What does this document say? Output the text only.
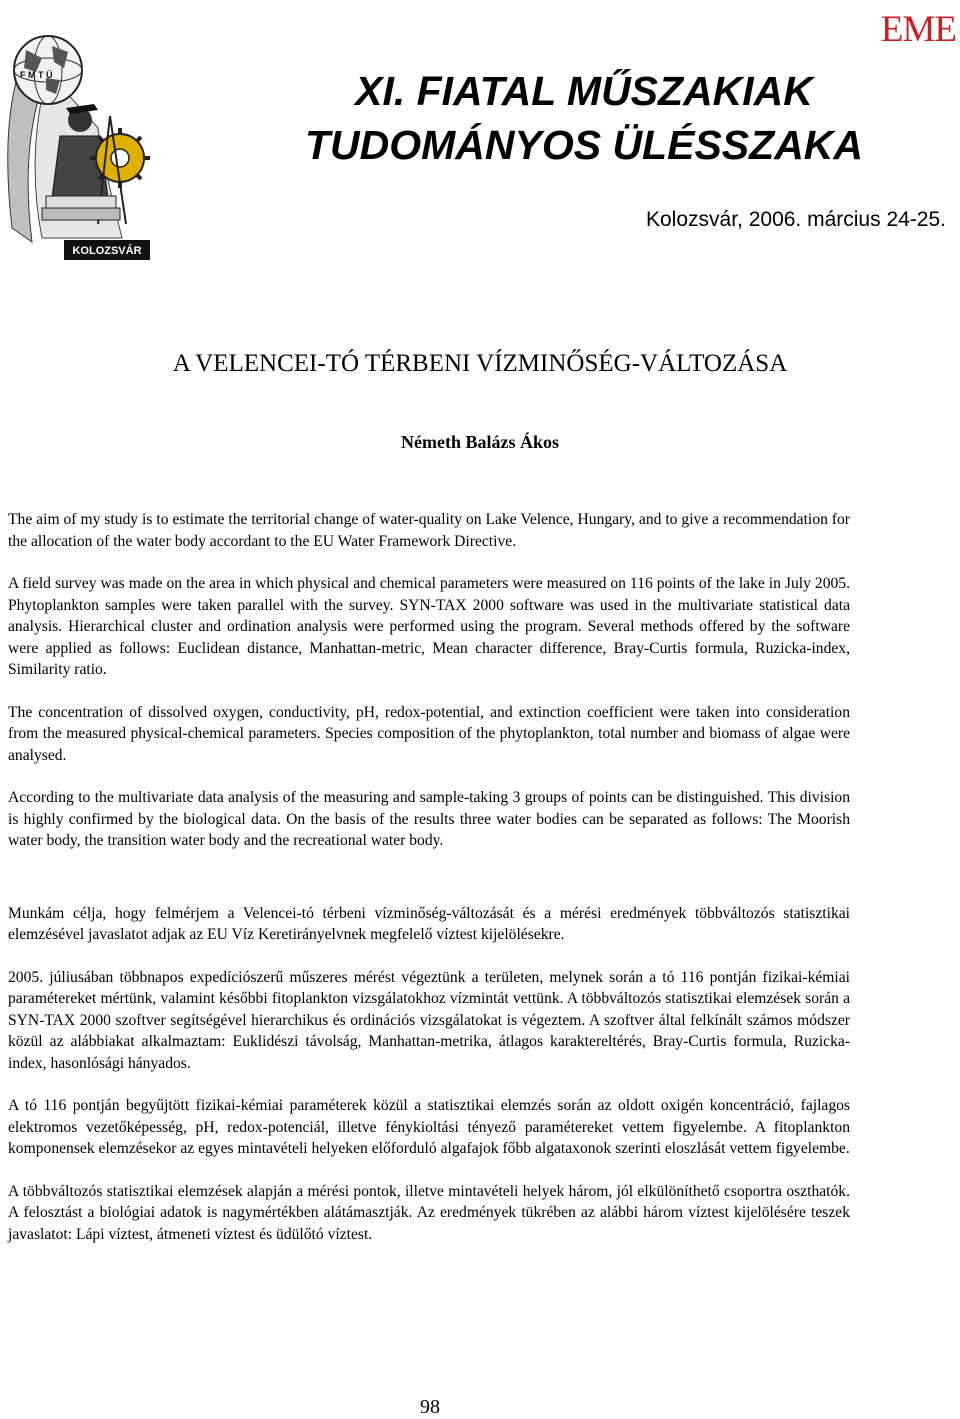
F M T Ü
KOLOZSVÁR
EME
XI. FIATAL MŰSZAKIAK
TUDOMÁNYOS ÜLÉSSZAKA
Kolozsvár, 2006. március 24-25.
A VELENCEI-TÓ TÉRBENI VÍZMINŐSÉG-VÁLTOZÁSA
Németh Balázs Ákos

The aim of my study is to estimate the territorial change of water-quality on Lake Velence, Hungary, and to give a recommendation for the allocation of the water body accordant to the EU Water Framework Directive.

A field survey was made on the area in which physical and chemical parameters were measured on 116 points of the lake in July 2005. Phytoplankton samples were taken parallel with the survey. SYN-TAX 2000 software was used in the multivariate statistical data analysis. Hierarchical cluster and ordination analysis were performed using the program. Several methods offered by the software were applied as follows: Euclidean distance, Manhattan-metric, Mean character difference, Bray-Curtis formula, Ruzicka-index, Similarity ratio.

The concentration of dissolved oxygen, conductivity, pH, redox-potential, and extinction coefficient were taken into consideration from the measured physical-chemical parameters. Species composition of the phytoplankton, total number and biomass of algae were analysed.

According to the multivariate data analysis of the measuring and sample-taking 3 groups of points can be distinguished. This division is highly confirmed by the biological data. On the basis of the results three water bodies can be separated as follows: The Moorish water body, the transition water body and the recreational water body.

Munkám célja, hogy felmérjem a Velencei-tó térbeni vízminőség-változását és a mérési eredmények többváltozós statisztikai elemzésével javaslatot adjak az EU Víz Keretirányelvnek megfelelő víztest kijelölésekre.

2005. júliusában többnapos expedíciószerű műszeres mérést végeztünk a területen, melynek során a tó 116 pontján fizikai-kémiai paramétereket mértünk, valamint későbbi fitoplankton vizsgálatokhoz vízmintát vettünk. A többváltozós statisztikai elemzések során a SYN-TAX 2000 szoftver segítségével hierarchikus és ordinációs vizsgálatokat is végeztem. A szoftver által felkínált számos módszer közül az alábbiakat alkalmaztam: Euklidészi távolság, Manhattan-metrika, átlagos karaktereltérés, Bray-Curtis formula, Ruzicka-index, hasonlósági hányados.

A tó 116 pontján begyűjtött fizikai-kémiai paraméterek közül a statisztikai elemzés során az oldott oxigén koncentráció, fajlagos elektromos vezetőképesség, pH, redox-potenciál, illetve fénykioltási tényező paramétereket vettem figyelembe. A fitoplankton komponensek elemzésekor az egyes mintavételi helyeken előforduló algafajok főbb algataxonok szerinti eloszlását vettem figyelembe.

A többváltozós statisztikai elemzések alapján a mérési pontok, illetve mintavételi helyek három, jól elkülöníthető csoportra oszthatók. A felosztást a biológiai adatok is nagymértékben alátámasztják. Az eredmények tükrében az alábbi három víztest kijelölésére teszek javaslatot: Lápi víztest, átmeneti víztest és üdülőtó víztest.

98
